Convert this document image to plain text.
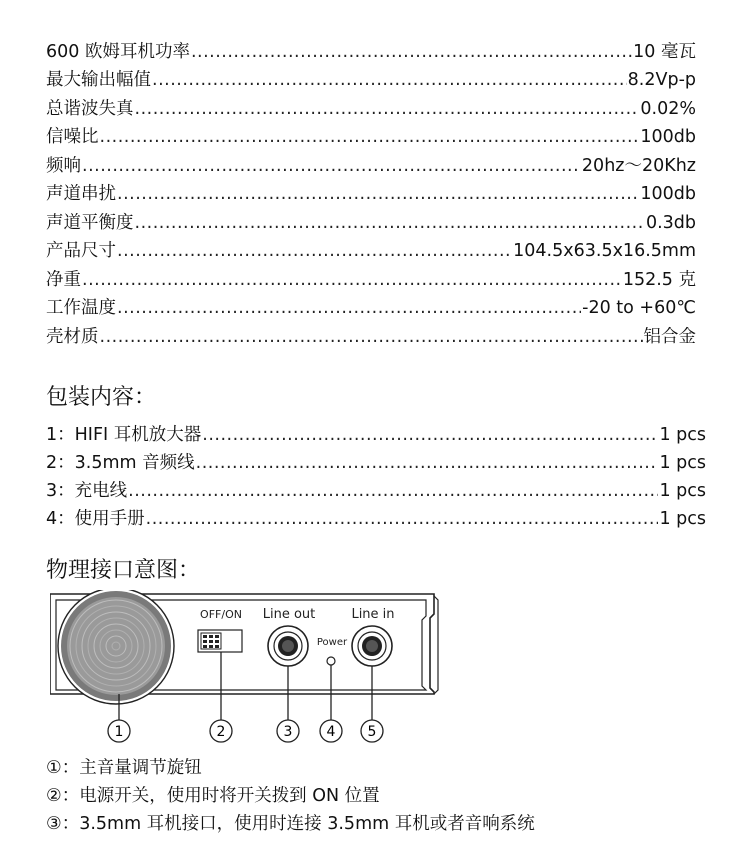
600 欧姆耳机功率 .....	10 毫瓦
最大输出幅值 .....	8.2Vp-p
总谐波失真 .....	0.02%
信噪比 .....	100db
频响 .....	20hz～20Khz
声道串扰 .....	100db
声道平衡度 .....	0.3db
产品尺寸 .....	104.5x63.5x16.5mm
净重 .....	152.5 克
工作温度 .....	-20 to +60℃
壳材质 .....	铝合金
包装内容：
1：HIFI 耳机放大器 .....	1 pcs
2：3.5mm 音频线 .....	1 pcs
3：充电线 .....	1 pcs
4：使用手册 .....	1 pcs
物理接口意图：
OFF/ON Line out
Power
Line in
1	2	3 4 5
①：主音量调节旋钮
②：电源开关，使用时将开关拨到 ON 位置
③：3.5mm 耳机接口，使用时连接 3.5mm 耳机或者音响系统
